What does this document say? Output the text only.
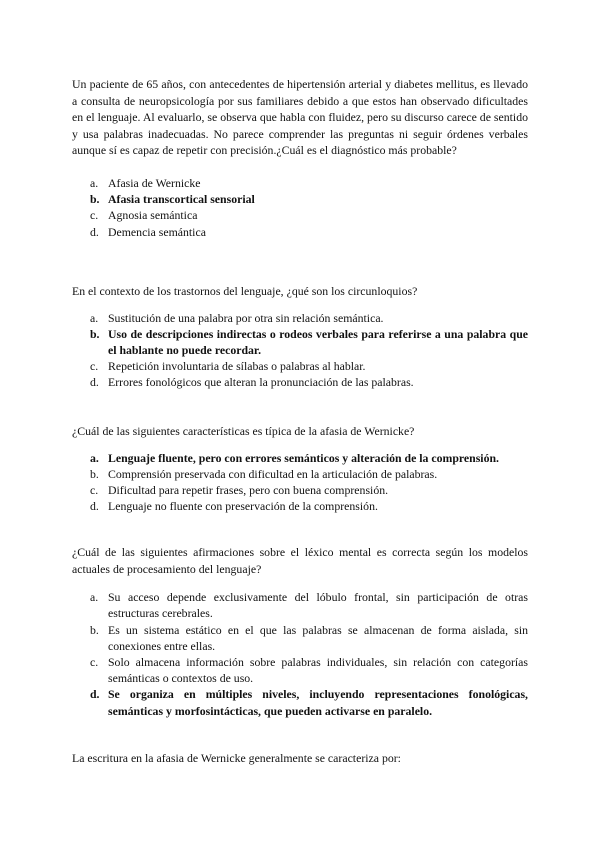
Un paciente de 65 años, con antecedentes de hipertensión arterial y diabetes mellitus, es llevado a consulta de neuropsicología por sus familiares debido a que estos han observado dificultades en el lenguaje. Al evaluarlo, se observa que habla con fluidez, pero su discurso carece de sentido y usa palabras inadecuadas. No parece comprender las preguntas ni seguir órdenes verbales aunque sí es capaz de repetir con precisión.¿Cuál es el diagnóstico más probable?

a. Afasia de Wernicke
b. Afasia transcortical sensorial
c. Agnosia semántica
d. Demencia semántica

En el contexto de los trastornos del lenguaje, ¿qué son los circunloquios?

a. Sustitución de una palabra por otra sin relación semántica.
b. Uso de descripciones indirectas o rodeos verbales para referirse a una palabra que el hablante no puede recordar.
c. Repetición involuntaria de sílabas o palabras al hablar.
d. Errores fonológicos que alteran la pronunciación de las palabras.

¿Cuál de las siguientes características es típica de la afasia de Wernicke?

a. Lenguaje fluente, pero con errores semánticos y alteración de la comprensión.
b. Comprensión preservada con dificultad en la articulación de palabras.
c. Dificultad para repetir frases, pero con buena comprensión.
d. Lenguaje no fluente con preservación de la comprensión.

¿Cuál de las siguientes afirmaciones sobre el léxico mental es correcta según los modelos actuales de procesamiento del lenguaje?

a. Su acceso depende exclusivamente del lóbulo frontal, sin participación de otras estructuras cerebrales.
b. Es un sistema estático en el que las palabras se almacenan de forma aislada, sin conexiones entre ellas.
c. Solo almacena información sobre palabras individuales, sin relación con categorías semánticas o contextos de uso.
d. Se organiza en múltiples niveles, incluyendo representaciones fonológicas, semánticas y morfosintácticas, que pueden activarse en paralelo.

La escritura en la afasia de Wernicke generalmente se caracteriza por:
